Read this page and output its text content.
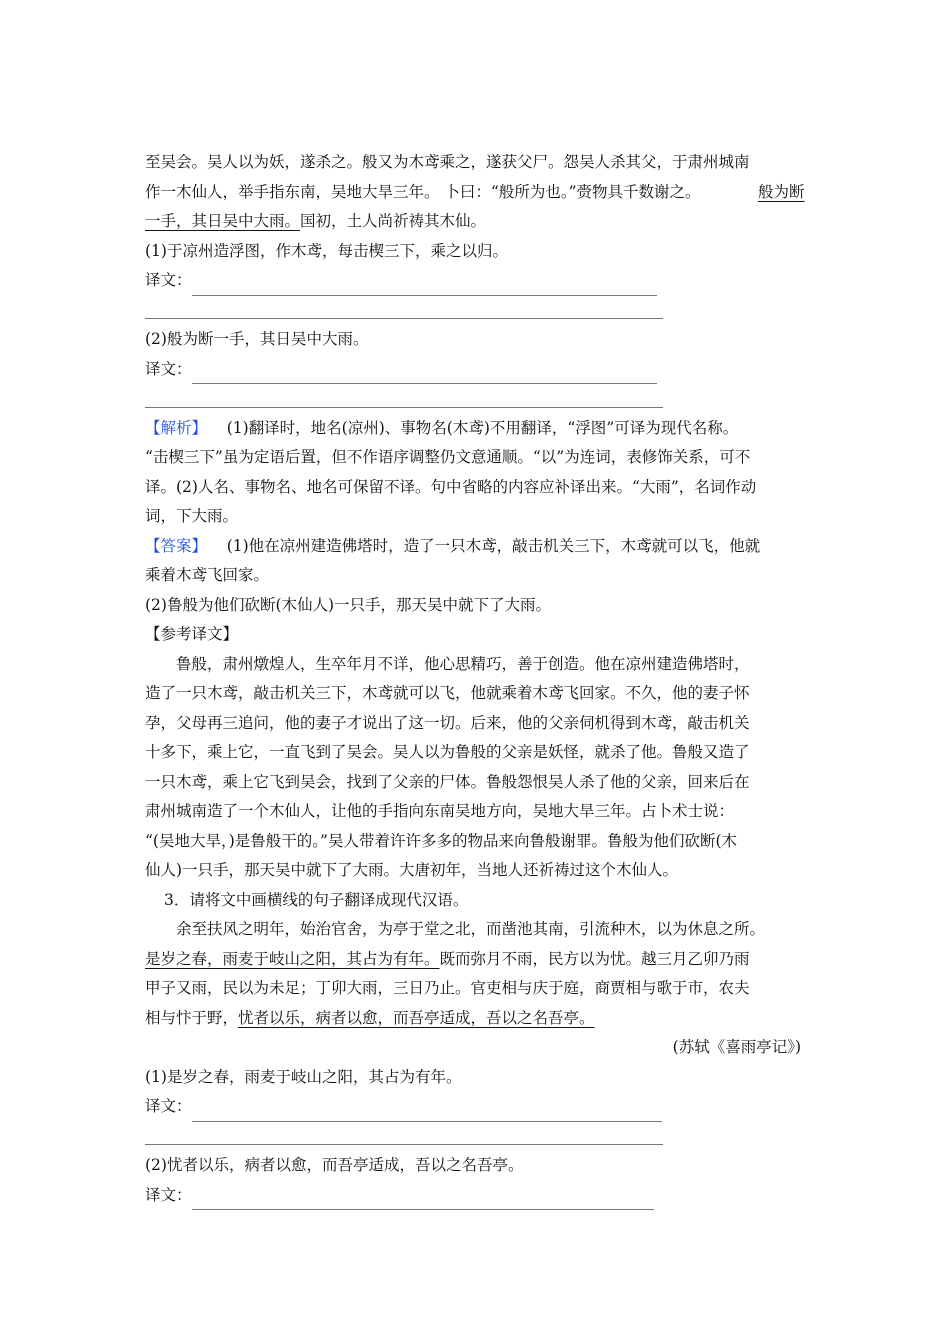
至吴会。吴人以为妖，遂杀之。般又为木鸢乘之，遂获父尸。怨吴人杀其父，于肃州城南
作一木仙人，举手指东南，吴地大旱三年。 卜曰：“般所为也。”赍物具千数谢之。	般为断
一手，其日吴中大雨。国初，土人尚祈祷其木仙。
(1)于凉州造浮图，作木鸢，每击楔三下，乘之以归。
译文：
(2)般为断一手，其日吴中大雨。
译文：
【解析】    (1)翻译时，地名(凉州)、事物名(木鸢)不用翻译，“浮图”可译为现代名称。
“击楔三下”虽为定语后置，但不作语序调整仍文意通顺。“以”为连词，表修饰关系，可不
译。(2)人名、事物名、地名可保留不译。句中省略的内容应补译出来。“大雨”，名词作动
词，下大雨。
【答案】    (1)他在凉州建造佛塔时，造了一只木鸢，敲击机关三下，木鸢就可以飞，他就
乘着木鸢飞回家。
(2)鲁般为他们砍断(木仙人)一只手，那天吴中就下了大雨。
【参考译文】
鲁般，肃州燉煌人，生卒年月不详，他心思精巧，善于创造。他在凉州建造佛塔时，
造了一只木鸢，敲击机关三下，木鸢就可以飞，他就乘着木鸢飞回家。不久，他的妻子怀
孕，父母再三追问，他的妻子才说出了这一切。后来，他的父亲伺机得到木鸢，敲击机关
十多下，乘上它，一直飞到了吴会。吴人以为鲁般的父亲是妖怪，就杀了他。鲁般又造了
一只木鸢，乘上它飞到吴会，找到了父亲的尸体。鲁般怨恨吴人杀了他的父亲，回来后在
肃州城南造了一个木仙人，让他的手指向东南吴地方向，吴地大旱三年。占卜术士说：
“(吴地大旱，)是鲁般干的。”吴人带着许许多多的物品来向鲁般谢罪。鲁般为他们砍断(木
仙人)一只手，那天吴中就下了大雨。大唐初年，当地人还祈祷过这个木仙人。
3．请将文中画横线的句子翻译成现代汉语。
余至扶风之明年，始治官舍，为亭于堂之北，而凿池其南，引流种木，以为休息之所。
是岁之春，雨麦于岐山之阳，其占为有年。既而弥月不雨，民方以为忧。越三月乙卯乃雨
甲子又雨，民以为未足；丁卯大雨，三日乃止。官吏相与庆于庭，商贾相与歌于市，农夫
相与忭于野，忧者以乐，病者以愈，而吾亭适成，吾以之名吾亭。
(苏轼《喜雨亭记》)
(1)是岁之春，雨麦于岐山之阳，其占为有年。
译文：
(2)忧者以乐，病者以愈，而吾亭适成，吾以之名吾亭。
译文：
